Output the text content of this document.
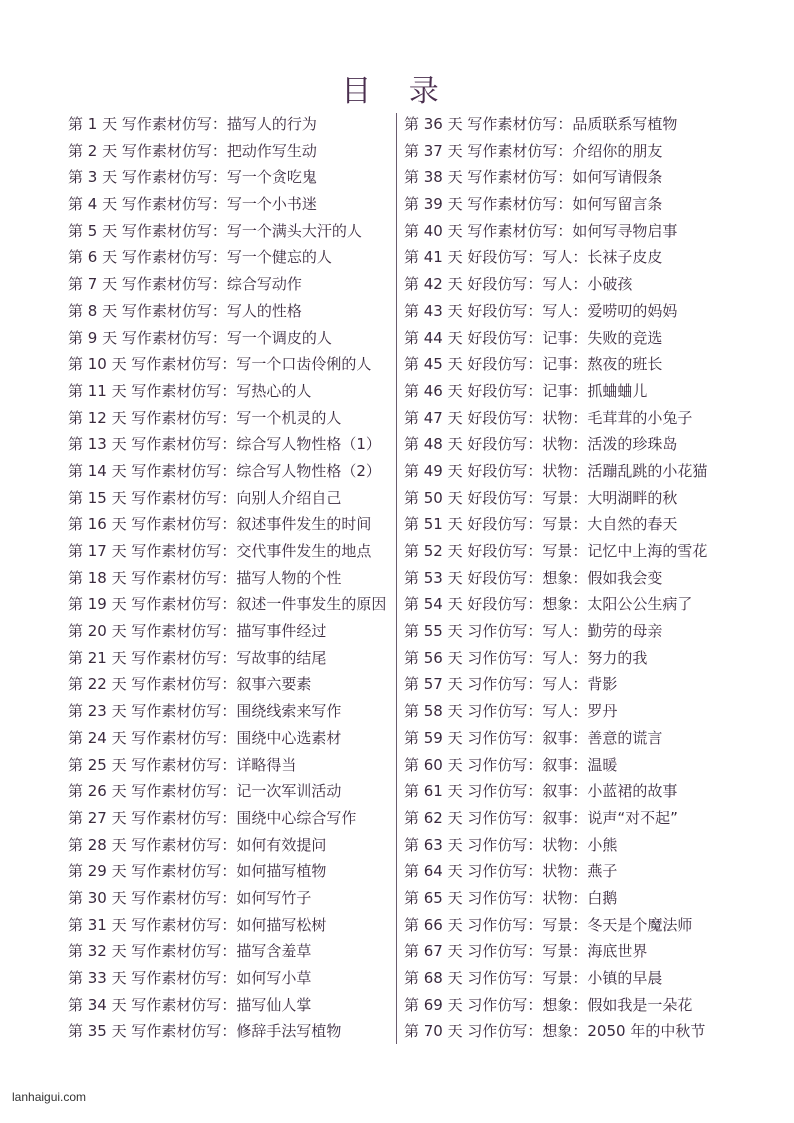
目 录
第 1 天 写作素材仿写：描写人的行为
第 2 天 写作素材仿写：把动作写生动
第 3 天 写作素材仿写：写一个贪吃鬼
第 4 天 写作素材仿写：写一个小书迷
第 5 天 写作素材仿写：写一个满头大汗的人
第 6 天 写作素材仿写：写一个健忘的人
第 7 天 写作素材仿写：综合写动作
第 8 天 写作素材仿写：写人的性格
第 9 天 写作素材仿写：写一个调皮的人
第 10 天 写作素材仿写：写一个口齿伶俐的人
第 11 天 写作素材仿写：写热心的人
第 12 天 写作素材仿写：写一个机灵的人
第 13 天 写作素材仿写：综合写人物性格（1）
第 14 天 写作素材仿写：综合写人物性格（2）
第 15 天 写作素材仿写：向别人介绍自己
第 16 天 写作素材仿写：叙述事件发生的时间
第 17 天 写作素材仿写：交代事件发生的地点
第 18 天 写作素材仿写：描写人物的个性
第 19 天 写作素材仿写：叙述一件事发生的原因
第 20 天 写作素材仿写：描写事件经过
第 21 天 写作素材仿写：写故事的结尾
第 22 天 写作素材仿写：叙事六要素
第 23 天 写作素材仿写：围绕线索来写作
第 24 天 写作素材仿写：围绕中心选素材
第 25 天 写作素材仿写：详略得当
第 26 天 写作素材仿写：记一次军训活动
第 27 天 写作素材仿写：围绕中心综合写作
第 28 天 写作素材仿写：如何有效提问
第 29 天 写作素材仿写：如何描写植物
第 30 天 写作素材仿写：如何写竹子
第 31 天 写作素材仿写：如何描写松树
第 32 天 写作素材仿写：描写含羞草
第 33 天 写作素材仿写：如何写小草
第 34 天 写作素材仿写：描写仙人掌
第 35 天 写作素材仿写：修辞手法写植物
第 36 天 写作素材仿写：品质联系写植物
第 37 天 写作素材仿写：介绍你的朋友
第 38 天 写作素材仿写：如何写请假条
第 39 天 写作素材仿写：如何写留言条
第 40 天 写作素材仿写：如何写寻物启事
第 41 天 好段仿写：写人：长袜子皮皮
第 42 天 好段仿写：写人：小破孩
第 43 天 好段仿写：写人：爱唠叨的妈妈
第 44 天 好段仿写：记事：失败的竞选
第 45 天 好段仿写：记事：熬夜的班长
第 46 天 好段仿写：记事：抓蛐蛐儿
第 47 天 好段仿写：状物：毛茸茸的小兔子
第 48 天 好段仿写：状物：活泼的珍珠岛
第 49 天 好段仿写：状物：活蹦乱跳的小花猫
第 50 天 好段仿写：写景：大明湖畔的秋
第 51 天 好段仿写：写景：大自然的春天
第 52 天 好段仿写：写景：记忆中上海的雪花
第 53 天 好段仿写：想象：假如我会变
第 54 天 好段仿写：想象：太阳公公生病了
第 55 天 习作仿写：写人：勤劳的母亲
第 56 天 习作仿写：写人：努力的我
第 57 天 习作仿写：写人：背影
第 58 天 习作仿写：写人：罗丹
第 59 天 习作仿写：叙事：善意的谎言
第 60 天 习作仿写：叙事：温暖
第 61 天 习作仿写：叙事：小蓝裙的故事
第 62 天 习作仿写：叙事：说声“对不起”
第 63 天 习作仿写：状物：小熊
第 64 天 习作仿写：状物：燕子
第 65 天 习作仿写：状物：白鹅
第 66 天 习作仿写：写景：冬天是个魔法师
第 67 天 习作仿写：写景：海底世界
第 68 天 习作仿写：写景：小镇的早晨
第 69 天 习作仿写：想象：假如我是一朵花
第 70 天 习作仿写：想象：2050 年的中秋节
lanhaigui.com
